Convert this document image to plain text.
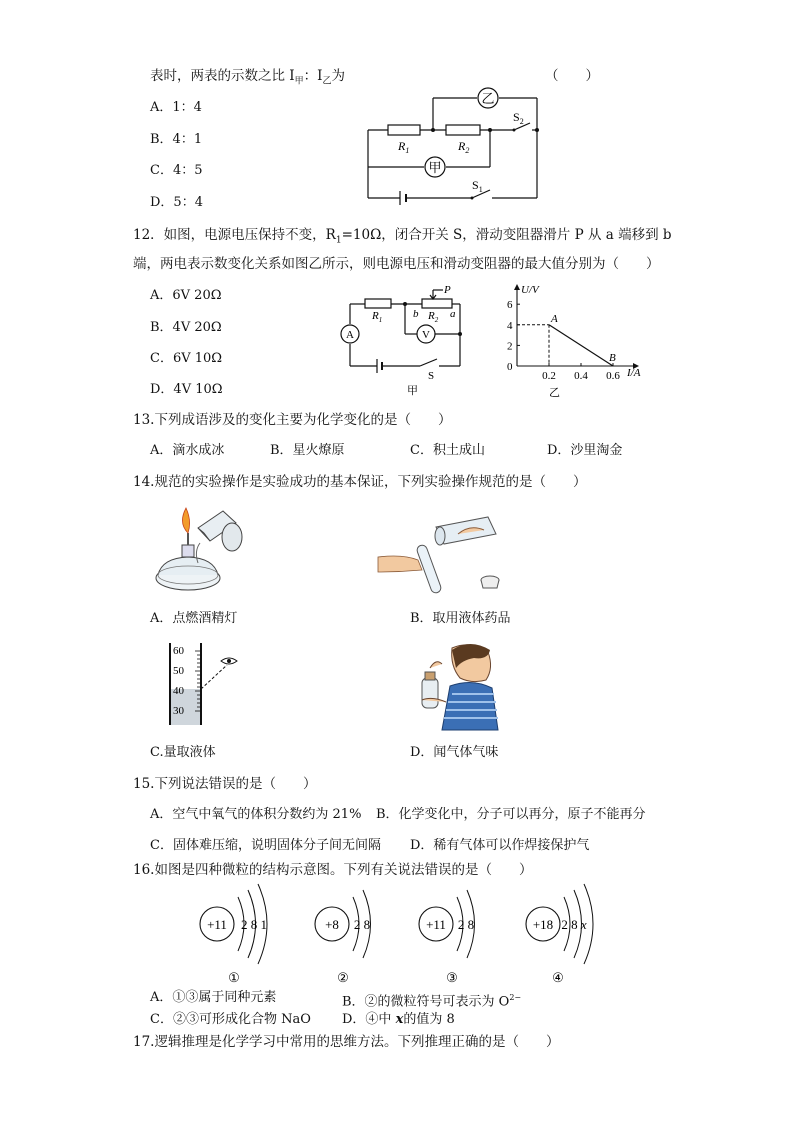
表时，两表的示数之比 $I_甲$：$I_乙$为	（　　）
A．1：4
B．4：1
C．4：5
D．5：4
乙
甲
$R_1$	$R_2$
$S_2$
$S_1$
12．如图，电源电压保持不变，$R_1=10\Omega$，闭合开关 S，滑动变阻器滑片 P 从 a 端移到 b
端，两电表示数变化关系如图乙所示，则电源电压和滑动变阻器的最大值分别为（　　）
A．6V 20Ω
B．4V 20Ω
C．6V 10Ω
D．4V 10Ω
A	V
$R_1$	$R_2$
b	a
P
S
甲
U/V
I/A
0
2
4
6
0.2 0.4 0.6
A
B
乙
13.下列成语涉及的变化主要为化学变化的是（　　）
A．滴水成冰	B．星火燎原	C．积土成山	D．沙里淘金
14.规范的实验操作是实验成功的基本保证，下列实验操作规范的是（　　）
A．点燃酒精灯	B．取用液体药品
60
50
40
30
C.量取液体	D．闻气体气味
15.下列说法错误的是（　　）
A．空气中氧气的体积分数约为 21% B．化学变化中，分子可以再分，原子不能再分
C．固体难压缩，说明固体分子间无间隔 D．稀有气体可以作焊接保护气
16.如图是四种微粒的结构示意图。下列有关说法错误的是（　　）
+11 2 8 1
①
+8 2 8
②
+11 2 8
③
+18 2 8 x
④
A．①③属于同种元素	B．②的微粒符号可表示为 $O^{2-}$
C．②③可形成化合物 NaO D．④中 x的值为 8
17.逻辑推理是化学学习中常用的思维方法。下列推理正确的是（　　）
